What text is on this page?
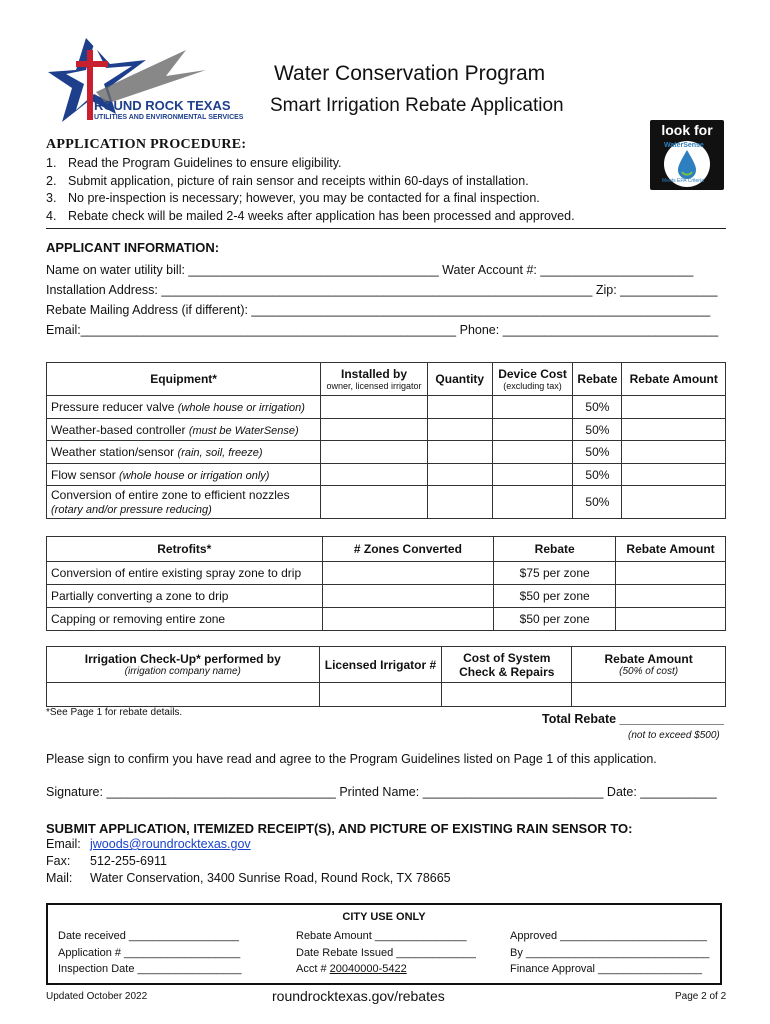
ROUND ROCK TEXAS
UTILITIES AND ENVIRONMENTAL SERVICES
Water Conservation Program
Smart Irrigation Rebate Application
look for
WaterSense
Meets EPA Criteria
APPLICATION PROCEDURE:
1. Read the Program Guidelines to ensure eligibility.
2. Submit application, picture of rain sensor and receipts within 60-days of installation.
3. No pre-inspection is necessary; however, you may be contacted for a final inspection.
4. Rebate check will be mailed 2-4 weeks after application has been processed and approved.
APPLICANT INFORMATION:
Name on water utility bill: ____________________________________ Water Account #: ______________________
Installation Address: ______________________________________________________________ Zip: ______________
Rebate Mailing Address (if different): __________________________________________________________________
Email:______________________________________________________ Phone: _______________________________
Equipment*	Installed by
owner, licensed irrigator	Quantity	Device Cost
(excluding tax)	Rebate	Rebate Amount
Pressure reducer valve (whole house or irrigation)				50%	
Weather-based controller (must be WaterSense)				50%	
Weather station/sensor (rain, soil, freeze)				50%	
Flow sensor (whole house or irrigation only)				50%	
Conversion of entire zone to efficient nozzles
(rotary and/or pressure reducing)				50%	
Retrofits*	# Zones Converted	Rebate	Rebate Amount
Conversion of entire existing spray zone to drip		$75 per zone	
Partially converting a zone to drip		$50 per zone	
Capping or removing entire zone		$50 per zone	
Irrigation Check-Up* performed by
(irrigation company name)	Licensed Irrigator #	Cost of System Check & Repairs	Rebate Amount
(50% of cost)

*See Page 1 for rebate details.	Total Rebate _______________
(not to exceed $500)
Please sign to confirm you have read and agree to the Program Guidelines listed on Page 1 of this application.
Signature: _________________________________ Printed Name: __________________________ Date: ___________
SUBMIT APPLICATION, ITEMIZED RECEIPT(S), AND PICTURE OF EXISTING RAIN SENSOR TO:
Email: jwoods@roundrocktexas.gov
Fax: 512-255-6911
Mail: Water Conservation, 3400 Sunrise Road, Round Rock, TX 78665
CITY USE ONLY
Date received __________________
Application # ___________________
Inspection Date _________________
Rebate Amount _______________
Date Rebate Issued _____________
Acct # 20040000-5422
Approved ________________________
By ______________________________
Finance Approval _________________
Updated October 2022	roundrocktexas.gov/rebates	Page 2 of 2
